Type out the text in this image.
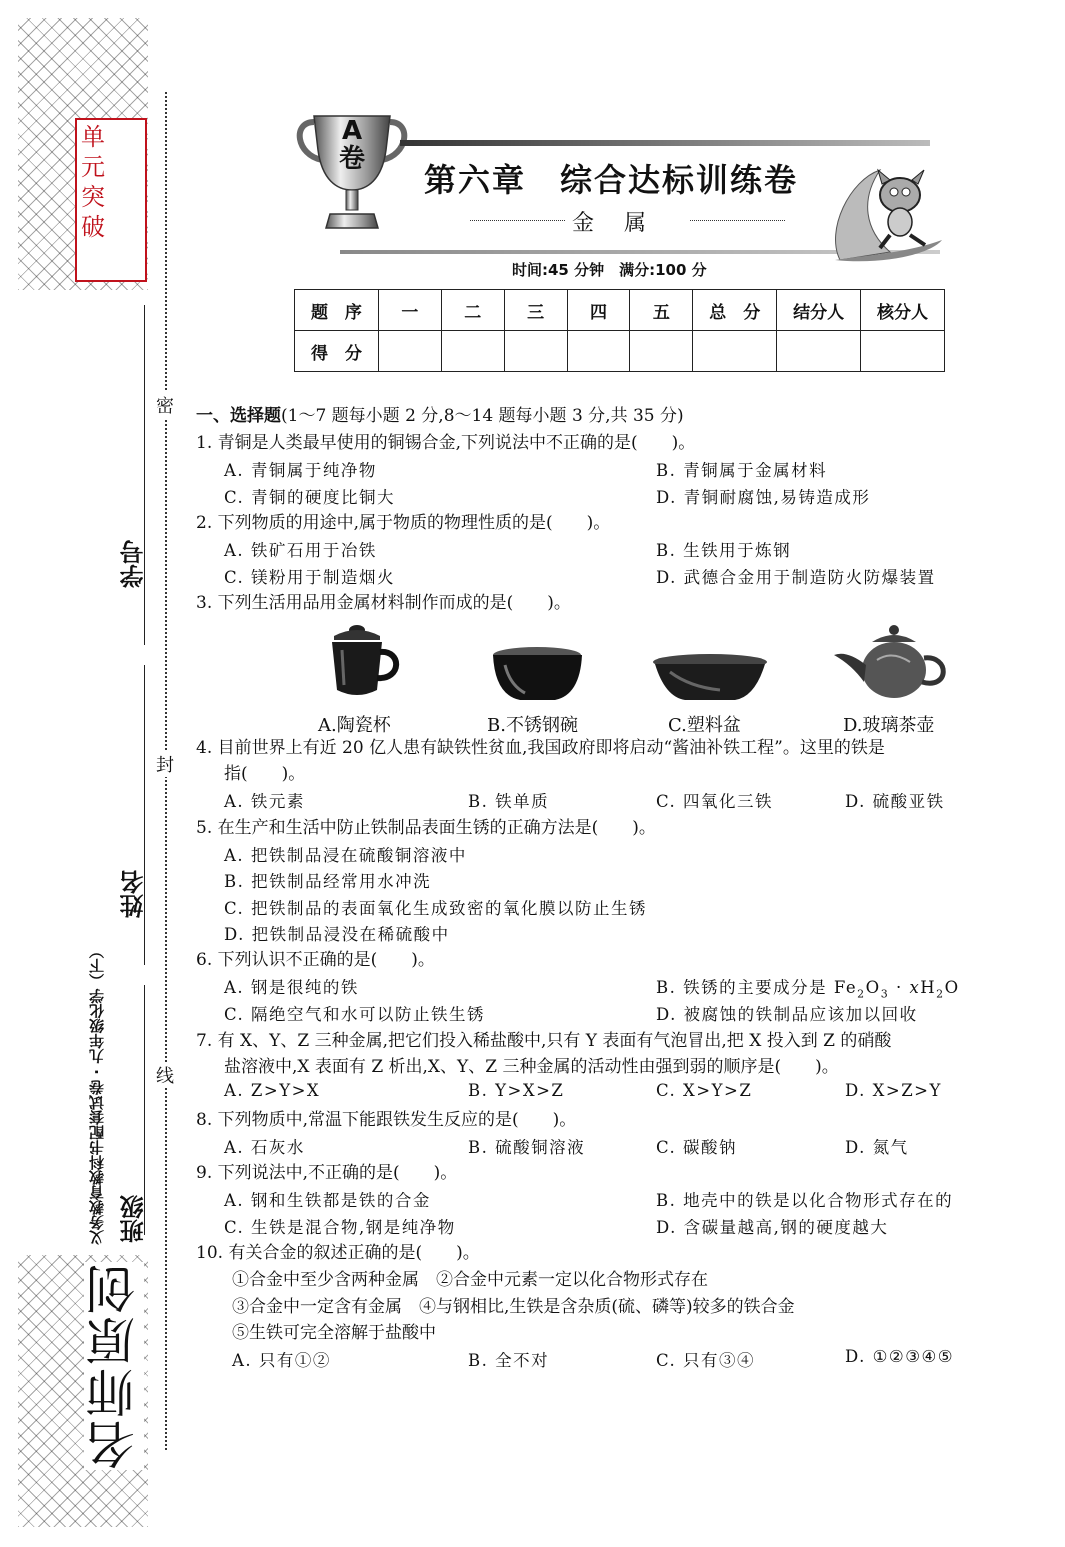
单元突破
密
封
线
学号
姓名
班级
义务教育教科书配套试卷 · 九年级化学（下）
名师原创
A卷
第六章　综合达标训练卷
金　属
时间:45 分钟　满分:100 分
题　序	一	二	三	四	五	总　分	结分人	核分人
得　分								
一、选择题(1～7 题每小题 2 分,8～14 题每小题 3 分,共 35 分)
1. 青铜是人类最早使用的铜锡合金,下列说法中不正确的是(　　)。
A. 青铜属于纯净物	B. 青铜属于金属材料
C. 青铜的硬度比铜大	D. 青铜耐腐蚀,易铸造成形
2. 下列物质的用途中,属于物质的物理性质的是(　　)。
A. 铁矿石用于冶铁	B. 生铁用于炼钢
C. 镁粉用于制造烟火	D. 武德合金用于制造防火防爆装置
3. 下列生活用品用金属材料制作而成的是(　　)。
A.陶瓷杯	B.不锈钢碗	C.塑料盆	D.玻璃茶壶
4. 目前世界上有近 20 亿人患有缺铁性贫血,我国政府即将启动“酱油补铁工程”。这里的铁是
指(　　)。
A. 铁元素	B. 铁单质	C. 四氧化三铁	D. 硫酸亚铁
5. 在生产和生活中防止铁制品表面生锈的正确方法是(　　)。
A. 把铁制品浸在硫酸铜溶液中
B. 把铁制品经常用水冲洗
C. 把铁制品的表面氧化生成致密的氧化膜以防止生锈
D. 把铁制品浸没在稀硫酸中
6. 下列认识不正确的是(　　)。
A. 钢是很纯的铁	B. 铁锈的主要成分是 $Fe_2O_3 \cdot xH_2O$
C. 隔绝空气和水可以防止铁生锈	D. 被腐蚀的铁制品应该加以回收
7. 有 X、Y、Z 三种金属,把它们投入稀盐酸中,只有 Y 表面有气泡冒出,把 X 投入到 Z 的硝酸
盐溶液中,X 表面有 Z 析出,X、Y、Z 三种金属的活动性由强到弱的顺序是(　　)。
A. Z>Y>X	B. Y>X>Z	C. X>Y>Z	D. X>Z>Y
8. 下列物质中,常温下能跟铁发生反应的是(　　)。
A. 石灰水	B. 硫酸铜溶液	C. 碳酸钠	D. 氮气
9. 下列说法中,不正确的是(　　)。
A. 钢和生铁都是铁的合金	B. 地壳中的铁是以化合物形式存在的
C. 生铁是混合物,钢是纯净物	D. 含碳量越高,钢的硬度越大
10. 有关合金的叙述正确的是(　　)。
①合金中至少含两种金属　②合金中元素一定以化合物形式存在
③合金中一定含有金属　④与钢相比,生铁是含杂质(硫、磷等)较多的铁合金
⑤生铁可完全溶解于盐酸中
A. 只有①②	B. 全不对	C. 只有③④	D. ①②③④⑤
